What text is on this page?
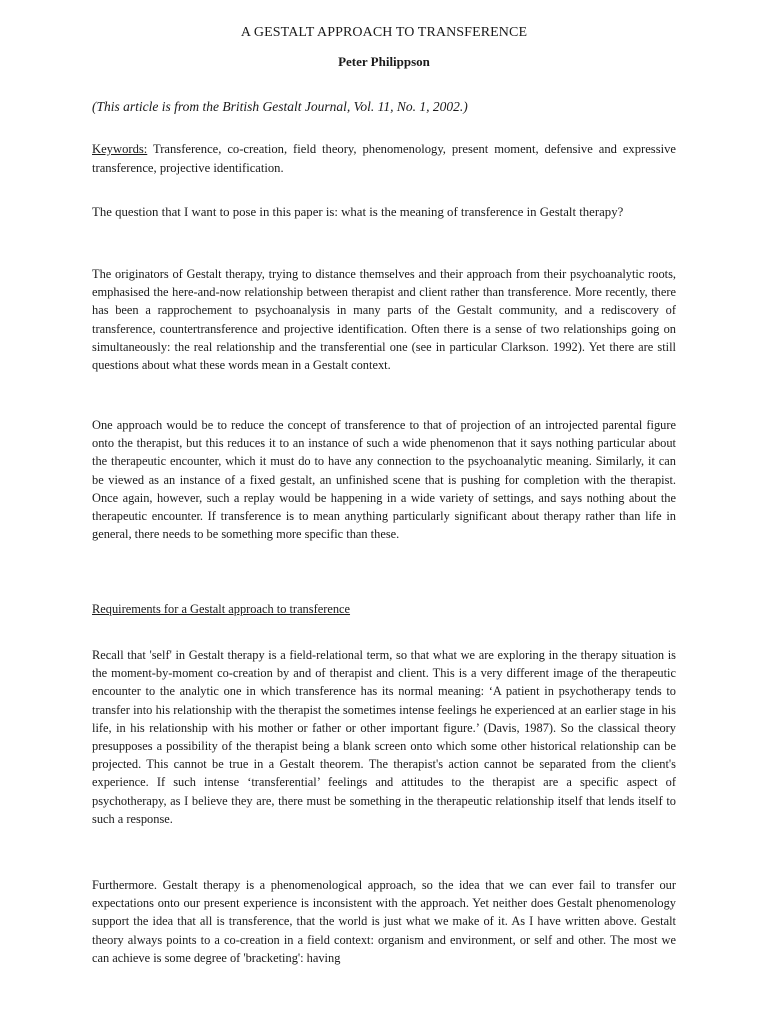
A GESTALT APPROACH TO TRANSFERENCE

Peter Philippson

(This article is from the British Gestalt Journal, Vol. 11, No. 1, 2002.)

Keywords: Transference, co-creation, field theory, phenomenology, present moment, defensive and expressive transference, projective identification.

The question that I want to pose in this paper is: what is the meaning of transference in Gestalt therapy?

The originators of Gestalt therapy, trying to distance themselves and their approach from their psychoanalytic roots, emphasised the here-and-now relationship between therapist and client rather than transference. More recently, there has been a rapprochement to psychoanalysis in many parts of the Gestalt community, and a rediscovery of transference, countertransference and projective identification. Often there is a sense of two relationships going on simultaneously: the real relationship and the transferential one (see in particular Clarkson. 1992). Yet there are still questions about what these words mean in a Gestalt context.

One approach would be to reduce the concept of transference to that of projection of an introjected parental figure onto the therapist, but this reduces it to an instance of such a wide phenomenon that it says nothing particular about the therapeutic encounter, which it must do to have any connection to the psychoanalytic meaning. Similarly, it can be viewed as an instance of a fixed gestalt, an unfinished scene that is pushing for completion with the therapist. Once again, however, such a replay would be happening in a wide variety of settings, and says nothing about the therapeutic encounter. If transference is to mean anything particularly significant about therapy rather than life in general, there needs to be something more specific than these.

Requirements for a Gestalt approach to transference

Recall that 'self' in Gestalt therapy is a field-relational term, so that what we are exploring in the therapy situation is the moment-by-moment co-creation by and of therapist and client. This is a very different image of the therapeutic encounter to the analytic one in which transference has its normal meaning: ‘A patient in psychotherapy tends to transfer into his relationship with the therapist the sometimes intense feelings he experienced at an earlier stage in his life, in his relationship with his mother or father or other important figure.’ (Davis, 1987). So the classical theory presupposes a possibility of the therapist being a blank screen onto which some other historical relationship can be projected. This cannot be true in a Gestalt theorem. The therapist's action cannot be separated from the client's experience. If such intense ‘transferential’ feelings and attitudes to the therapist are a specific aspect of psychotherapy, as I believe they are, there must be something in the therapeutic relationship itself that lends itself to such a response.

Furthermore. Gestalt therapy is a phenomenological approach, so the idea that we can ever fail to transfer our expectations onto our present experience is inconsistent with the approach. Yet neither does Gestalt phenomenology support the idea that all is transference, that the world is just what we make of it. As I have written above. Gestalt theory always points to a co-creation in a field context: organism and environment, or self and other. The most we can achieve is some degree of 'bracketing': having
